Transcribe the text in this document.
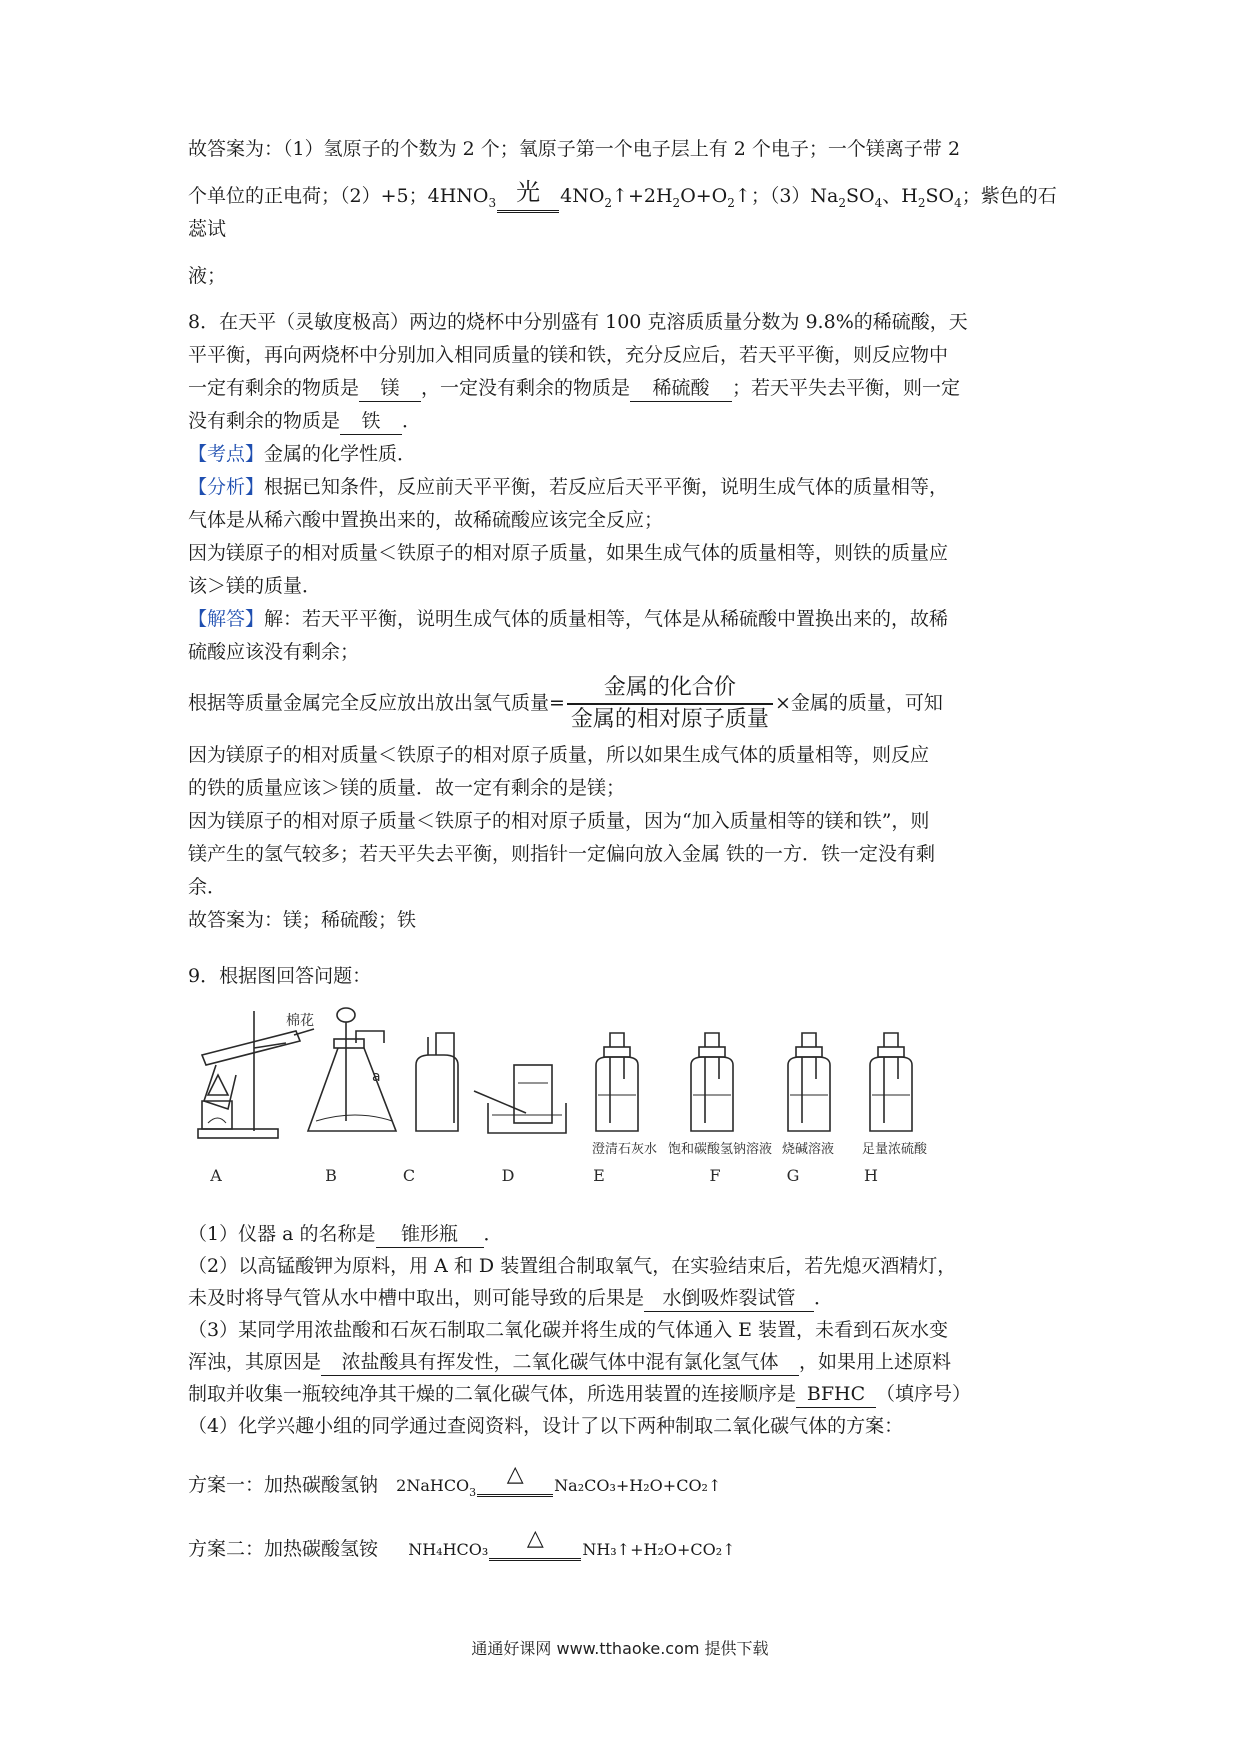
故答案为：（1）氢原子的个数为 2 个；氧原子第一个电子层上有 2 个电子；一个镁离子带 2
个单位的正电荷；（2）+5；$4HNO_3$ 光	$4NO_2↑+2H_2O+O_2↑$；$(3)Na_2SO_4$、$H_2SO_4$；紫色的石蕊试
液；
8．在天平（灵敏度极高）两边的烧杯中分别盛有 100 克溶质质量分数为 9.8%的稀硫酸，天
平平衡，再向两烧杯中分别加入相同质量的镁和铁，充分反应后，若天平平衡，则反应物中
一定有剩余的物质是 镁 ，一定没有剩余的物质是 稀硫酸 ；若天平失去平衡，则一定
没有剩余的物质是 铁 ．
【考点】金属的化学性质．
【分析】根据已知条件，反应前天平平衡，若反应后天平平衡，说明生成气体的质量相等，
气体是从稀六酸中置换出来的，故稀硫酸应该完全反应；
因为镁原子的相对质量＜铁原子的相对原子质量，如果生成气体的质量相等，则铁的质量应
该＞镁的质量．
【解答】解：若天平平衡，说明生成气体的质量相等，气体是从稀硫酸中置换出来的，故稀
硫酸应该没有剩余；
根据等质量金属完全反应放出放出氢气质量= $\frac{\text{金属的化合价}}{\text{金属的相对原子质量}}$ ×金属的质量，可知
因为镁原子的相对质量＜铁原子的相对原子质量，所以如果生成气体的质量相等，则反应
的铁的质量应该＞镁的质量．故一定有剩余的是镁；
因为镁原子的相对原子质量＜铁原子的相对原子质量，因为“加入质量相等的镁和铁”，则
镁产生的氢气较多；若天平失去平衡，则指针一定偏向放入金属 铁的一方．铁一定没有剩
余．
故答案为：镁；稀硫酸；铁
9．根据图回答问题：
棉花
a
澄清石灰水 饱和碳酸氢钠溶液 烧碱溶液 足量浓硫酸
A	B	C	D	E	F	G	H
（1）仪器 a 的名称是 锥形瓶 ．
（2）以高锰酸钾为原料，用 A 和 D 装置组合制取氧气，在实验结束后，若先熄灭酒精灯，
未及时将导气管从水中槽中取出，则可能导致的后果是 水倒吸炸裂试管 ．
（3）某同学用浓盐酸和石灰石制取二氧化碳并将生成的气体通入 E 装置，未看到石灰水变
浑浊，其原因是 浓盐酸具有挥发性，二氧化碳气体中混有氯化氢气体 ，如果用上述原料
制取并收集一瓶较纯净其干燥的二氧化碳气体，所选用装置的连接顺序是 BFHC （填序号）
（4）化学兴趣小组的同学通过查阅资料，设计了以下两种制取二氧化碳气体的方案：
方案一：加热碳酸氢钠 2NaHCO$_3$
△	Na₂CO₃+H₂O+CO₂↑
方案二：加热碳酸氢铵 NH₄HCO₃	△	NH₃↑+H₂O+CO₂↑
通通好课网 www.tthaoke.com 提供下载
